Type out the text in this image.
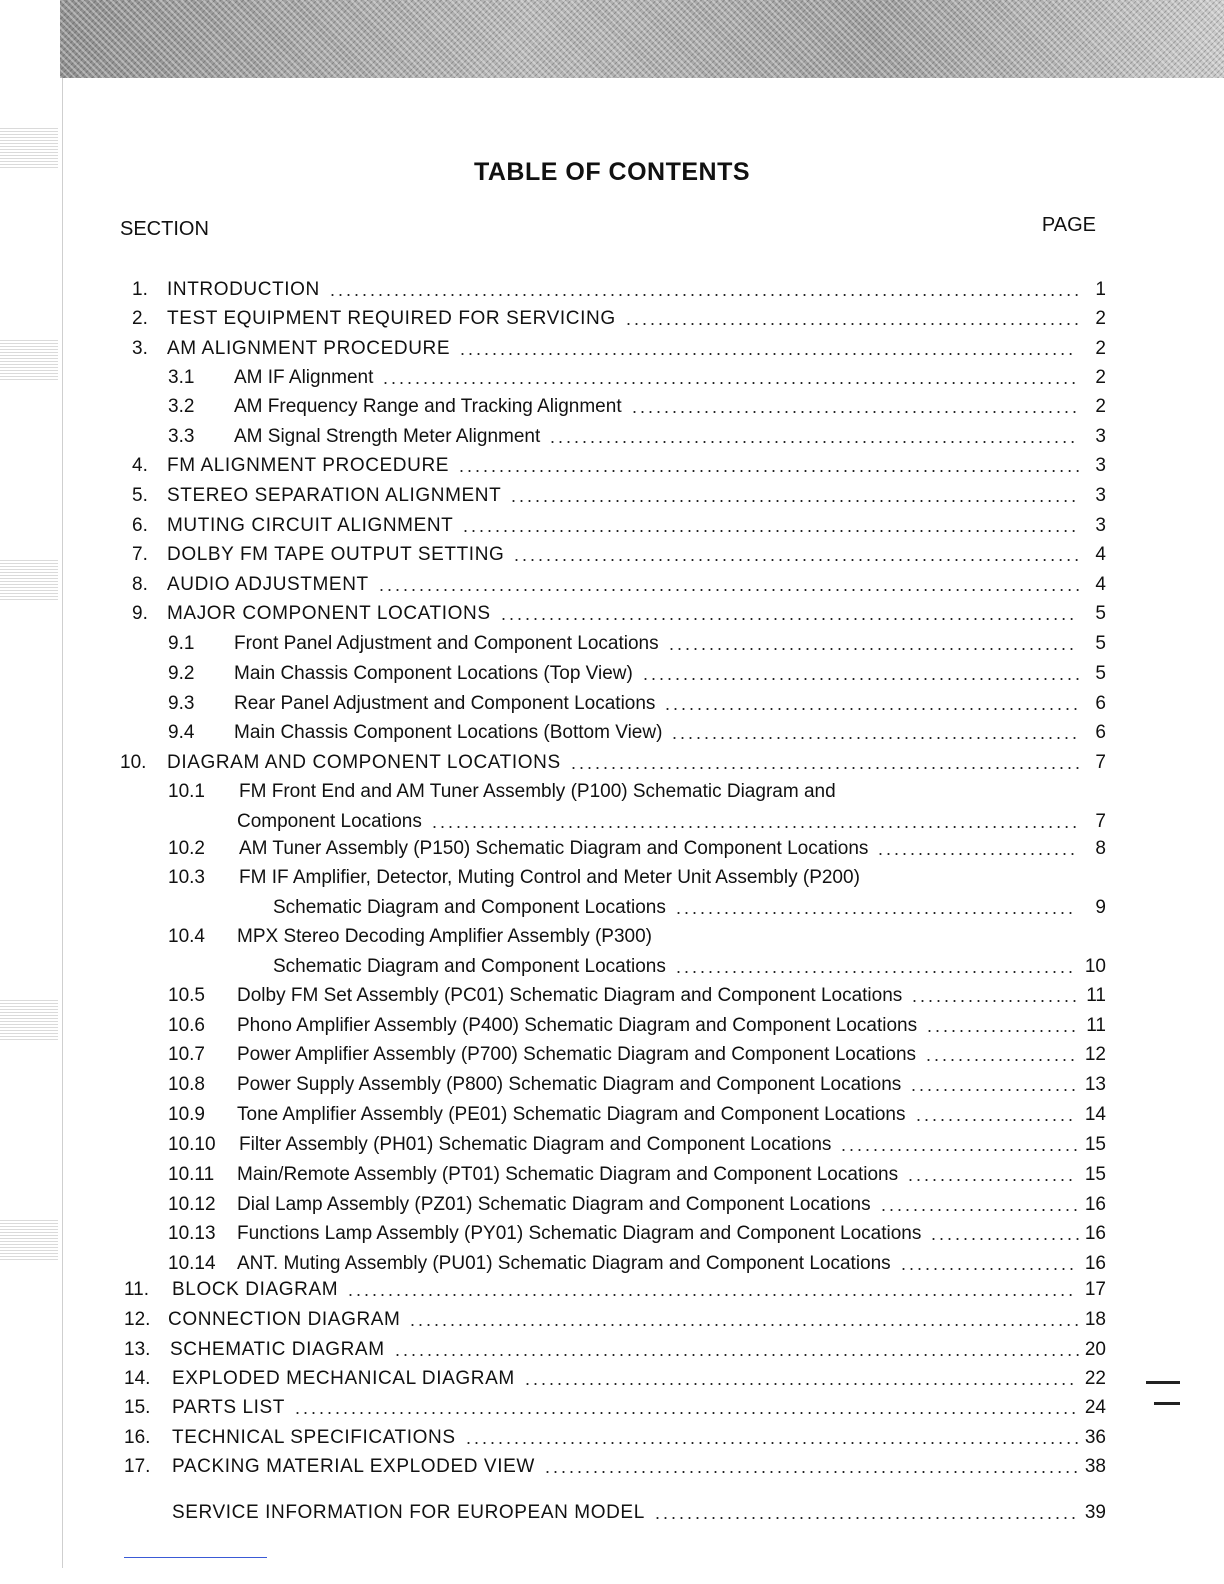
TABLE OF CONTENTS
SECTION	PAGE
1. INTRODUCTION .............................................................................................. 1
2. TEST EQUIPMENT REQUIRED FOR SERVICING ......................................................... 2
3. AM ALIGNMENT PROCEDURE .............................................................................	2
3.1 AM IF Alignment ....................................................................................... 2
3.2 AM Frequency Range and Tracking Alignment ........................................................ 2
3.3 AM Signal Strength Meter Alignment .................................................................. 3
4. FM ALIGNMENT PROCEDURE .............................................................................. 3
5. STEREO SEPARATION ALIGNMENT ....................................................................... 3
6. MUTING CIRCUIT ALIGNMENT ............................................................................. 3
7. DOLBY FM TAPE OUTPUT SETTING ....................................................................... 4
8. AUDIO ADJUSTMENT ........................................................................................ 4
9. MAJOR COMPONENT LOCATIONS ........................................................................ 5
9.1 Front Panel Adjustment and Component Locations ................................................... 5
9.2 Main Chassis Component Locations (Top View) ....................................................... 5
9.3 Rear Panel Adjustment and Component Locations .................................................... 6
9.4 Main Chassis Component Locations (Bottom View) ................................................... 6
10. DIAGRAM AND COMPONENT LOCATIONS ................................................................ 7
10.1 FM Front End and AM Tuner Assembly (P100) Schematic Diagram and
Component Locations ................................................................................. 7
10.2 AM Tuner Assembly (P150) Schematic Diagram and Component Locations ......................... 8
10.3 FM IF Amplifier, Detector, Muting Control and Meter Unit Assembly (P200)
Schematic Diagram and Component Locations ..................................................	9
10.4 MPX Stereo Decoding Amplifier Assembly (P300)
Schematic Diagram and Component Locations .................................................. 10
10.5 Dolby FM Set Assembly (PC01) Schematic Diagram and Component Locations ..................... 11
10.6 Phono Amplifier Assembly (P400) Schematic Diagram and Component Locations ................... 11
10.7 Power Amplifier Assembly (P700) Schematic Diagram and Component Locations ................... 12
10.8 Power Supply Assembly (P800) Schematic Diagram and Component Locations ..................... 13
10.9 Tone Amplifier Assembly (PE01) Schematic Diagram and Component Locations .................... 14
10.10 Filter Assembly (PH01) Schematic Diagram and Component Locations .............................. 15
10.11 Main/Remote Assembly (PT01) Schematic Diagram and Component Locations ..................... 15
10.12 Dial Lamp Assembly (PZ01) Schematic Diagram and Component Locations ......................... 16
10.13 Functions Lamp Assembly (PY01) Schematic Diagram and Component Locations ................... 16
10.14 ANT. Muting Assembly (PU01) Schematic Diagram and Component Locations ...................... 16
11. BLOCK DIAGRAM ........................................................................................... 17
12. CONNECTION DIAGRAM .................................................................................... 18
13. SCHEMATIC DIAGRAM ...................................................................................... 20
14. EXPLODED MECHANICAL DIAGRAM ..................................................................... 22
15. PARTS LIST .................................................................................................. 24
16. TECHNICAL SPECIFICATIONS ............................................................................. 36
17. PACKING MATERIAL EXPLODED VIEW ................................................................... 38
SERVICE INFORMATION FOR EUROPEAN MODEL ..................................................... 39
